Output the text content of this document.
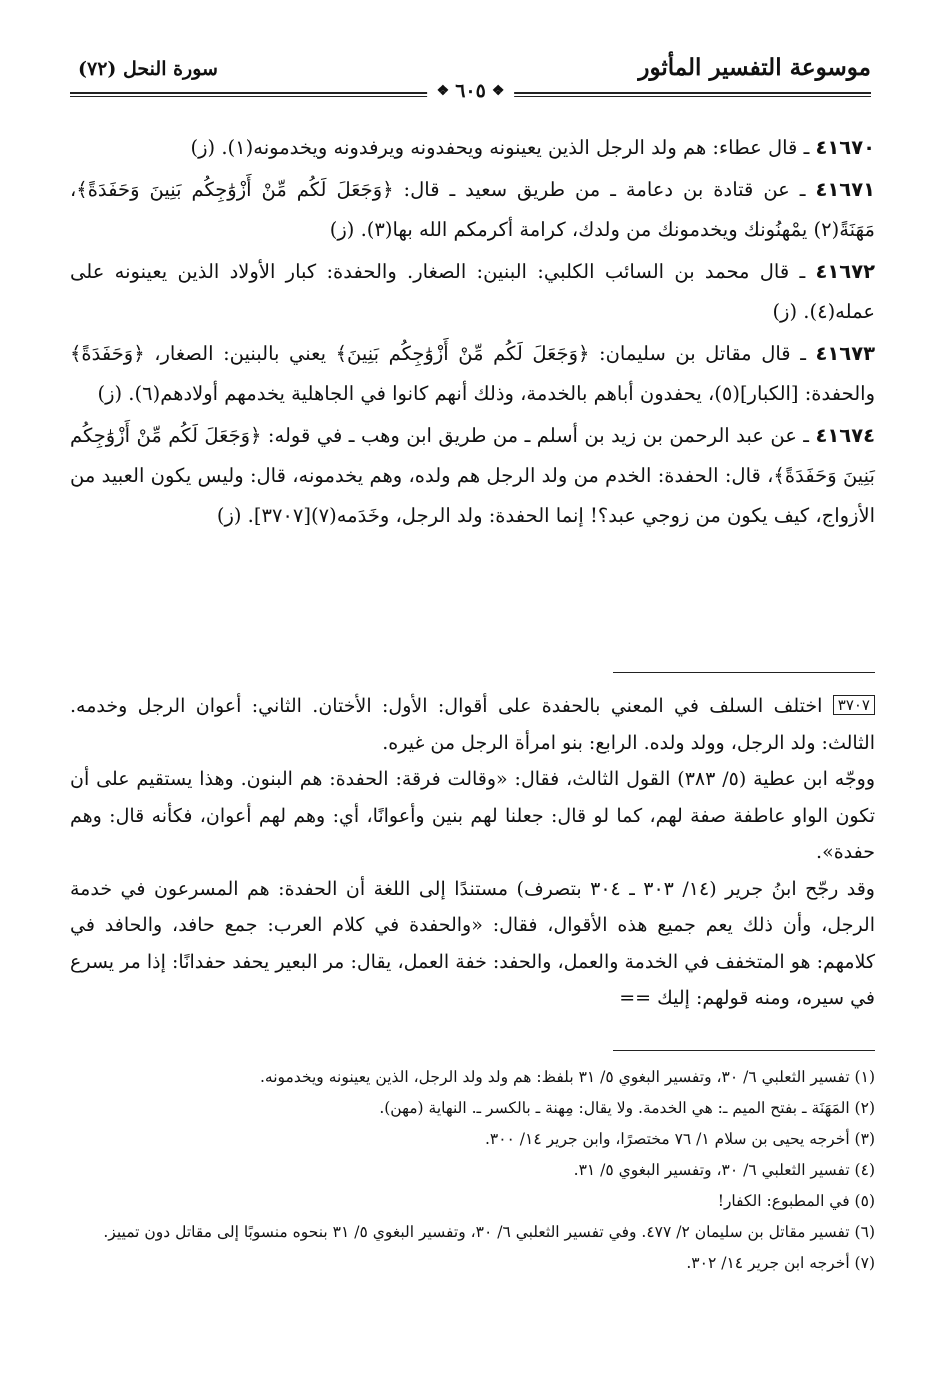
موسوعة التفسير المأثور
سورة النحل (٧٢)
❖
٦٠٥
❖

٤١٦٧٠ ـ قال عطاء: هم ولد الرجل الذين يعينونه ويحفدونه ويرفدونه ويخدمونه(١). (ز)

٤١٦٧١ ـ عن قتادة بن دعامة ـ من طريق سعيد ـ قال: ﴿وَجَعَلَ لَكُم مِّنْ أَزْوَٰجِكُم بَنِينَ وَحَفَدَةً﴾، مَهَنَةً(٢) يمْهنُونك ويخدمونك من ولدك، كرامة أكرمكم الله بها(٣). (ز)

٤١٦٧٢ ـ قال محمد بن السائب الكلبي: البنين: الصغار. والحفدة: كبار الأولاد الذين يعينونه على عمله(٤). (ز)

٤١٦٧٣ ـ قال مقاتل بن سليمان: ﴿وَجَعَلَ لَكُم مِّنْ أَزْوَٰجِكُم بَنِينَ﴾ يعني بالبنين: الصغار، ﴿وَحَفَدَةً﴾ والحفدة: [الكبار](٥)، يحفدون أباهم بالخدمة، وذلك أنهم كانوا في الجاهلية يخدمهم أولادهم(٦). (ز)

٤١٦٧٤ ـ عن عبد الرحمن بن زيد بن أسلم ـ من طريق ابن وهب ـ في قوله: ﴿وَجَعَلَ لَكُم مِّنْ أَزْوَٰجِكُم بَنِينَ وَحَفَدَةً﴾، قال: الحفدة: الخدم من ولد الرجل هم ولده، وهم يخدمونه، قال: وليس يكون العبيد من الأزواج، كيف يكون من زوجي عبد؟! إنما الحفدة: ولد الرجل، وخَدَمه(٧)[٣٧٠٧]. (ز)

٣٧٠٧ اختلف السلف في المعني بالحفدة على أقوال: الأول: الأختان. الثاني: أعوان الرجل وخدمه. الثالث: ولد الرجل، وولد ولده. الرابع: بنو امرأة الرجل من غيره.

ووجّه ابن عطية (٥/ ٣٨٣) القول الثالث، فقال: «وقالت فرقة: الحفدة: هم البنون. وهذا يستقيم على أن تكون الواو عاطفة صفة لهم، كما لو قال: جعلنا لهم بنين وأعوانًا، أي: وهم لهم أعوان، فكأنه قال: وهم حفدة».

وقد رجّح ابنُ جرير (١٤/ ٣٠٣ ـ ٣٠٤ بتصرف) مستندًا إلى اللغة أن الحفدة: هم المسرعون في خدمة الرجل، وأن ذلك يعم جميع هذه الأقوال، فقال: «والحفدة في كلام العرب: جمع حافد، والحافد في كلامهم: هو المتخفف في الخدمة والعمل، والحفد: خفة العمل، يقال: مر البعير يحفد حفدانًا: إذا مر يسرع في سيره، ومنه قولهم: إليك ==

(١) تفسير الثعلبي ٦/ ٣٠، وتفسير البغوي ٥/ ٣١ بلفظ: هم ولد ولد الرجل، الذين يعينونه ويخدمونه.

(٢) المَهَنَة ـ بفتح الميم ـ: هي الخدمة. ولا يقال: مِهنة ـ بالكسر ـ. النهاية (مهن).

(٣) أخرجه يحيى بن سلام ١/ ٧٦ مختصرًا، وابن جرير ١٤/ ٣٠٠.

(٤) تفسير الثعلبي ٦/ ٣٠، وتفسير البغوي ٥/ ٣١.

(٥) في المطبوع: الكفار!

(٦) تفسير مقاتل بن سليمان ٢/ ٤٧٧. وفي تفسير الثعلبي ٦/ ٣٠، وتفسير البغوي ٥/ ٣١ بنحوه منسوبًا إلى مقاتل دون تمييز.

(٧) أخرجه ابن جرير ١٤/ ٣٠٢.
